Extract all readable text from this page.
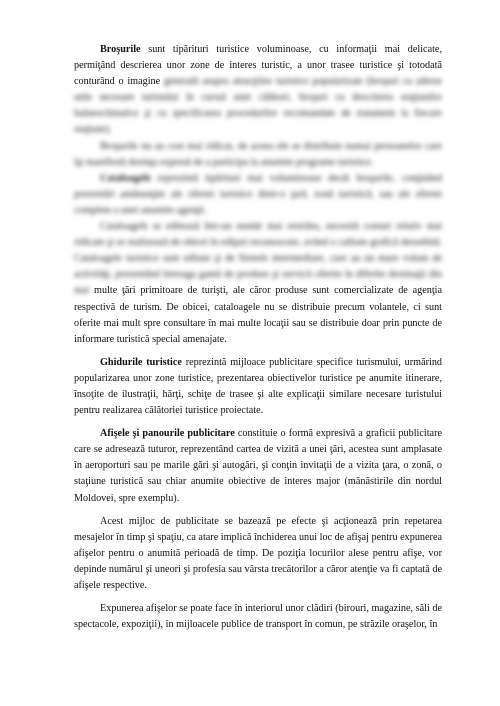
Broşurile sunt tipărituri turistice voluminoase, cu informaţii mai delicate, permiţând descrierea unor zone de interes turistic, a unor trasee turistice şi totodată conturând o imagine generală asupra atracţiilor turistice popularizate (broşuri cu adrese utile necesare turistului în cursul unei călători, broşuri cu descrierea staţiunilor balneoclimatice şi cu specificarea procedurilor recomandate de tratament la fiecare staţiune).

Broşurile nu au cost mai ridicat, de aceea ele se distribuie numai persoanelor care îşi manifestă dorinţa expresă de a participa la anumite programe turistice.

Cataloagele reprezintă tipărituri mai voluminoase decât broşurile, conţinând prezentări amănunţite ale ofertei turistice dintr-o ţară, zonă turistică, sau ale ofertei complete a unei anumite agenţii.

Cataloagele se editează într-un număr mai restrâns, necesită costuri relativ mai ridicate şi se realizează de obicei în ediţuri recunoscute, având o calitate grafică deosebită. Cataloagele turistice sunt editate şi de firmele intermediare, care au un mare volum de activităţi, prezentând întreaga gamă de produse şi servicii oferite în diferite destinaţii din mai multe ţări primitoare de turişti, ale căror produse sunt comercializate de agenţia respectivă de turism. De obicei, cataloagele nu se distribuie precum volantele, ci sunt oferite mai mult spre consultare în mai multe locaţii sau se distribuie doar prin puncte de informare turistică special amenajate.

Ghidurile turistice reprezintă mijloace publicitare specifice turismului, urmărind popularizarea unor zone turistice, prezentarea obiectivelor turistice pe anumite itinerare, însoţite de ilustraţii, hărţi, schiţe de trasee şi alte explicaţii similare necesare turistului pentru realizarea călătoriei turistice proiectate.

Afişele şi panourile publicitare constituie o formă expresivă a graficii publicitare care se adresează tuturor, reprezentând cartea de vizită a unei ţări, acestea sunt amplasate în aeroporturi sau pe marile gări şi autogări, şi conţin invitaţii de a vizita ţara, o zonă, o staţiune turistică sau chiar anumite obiective de interes major (mănăstirile din nordul Moldovei, spre exemplu).

Acest mijloc de publicitate se bazează pe efecte şi acţionează prin repetarea mesajelor în timp şi spaţiu, ca atare implică închiderea unui loc de afişaj pentru expunerea afişelor pentru o anumită perioadă de timp. De poziţia locurilor alese pentru afişe, vor depinde numărul şi uneori şi profesia sau vârsta trecătorilor a căror atenţie va fi captată de afişele respective.

Expunerea afişelor se poate face în interiorul unor clădiri (birouri, magazine, săli de spectacole, expoziţii), în mijloacele publice de transport în comun, pe străzile oraşelor, în
